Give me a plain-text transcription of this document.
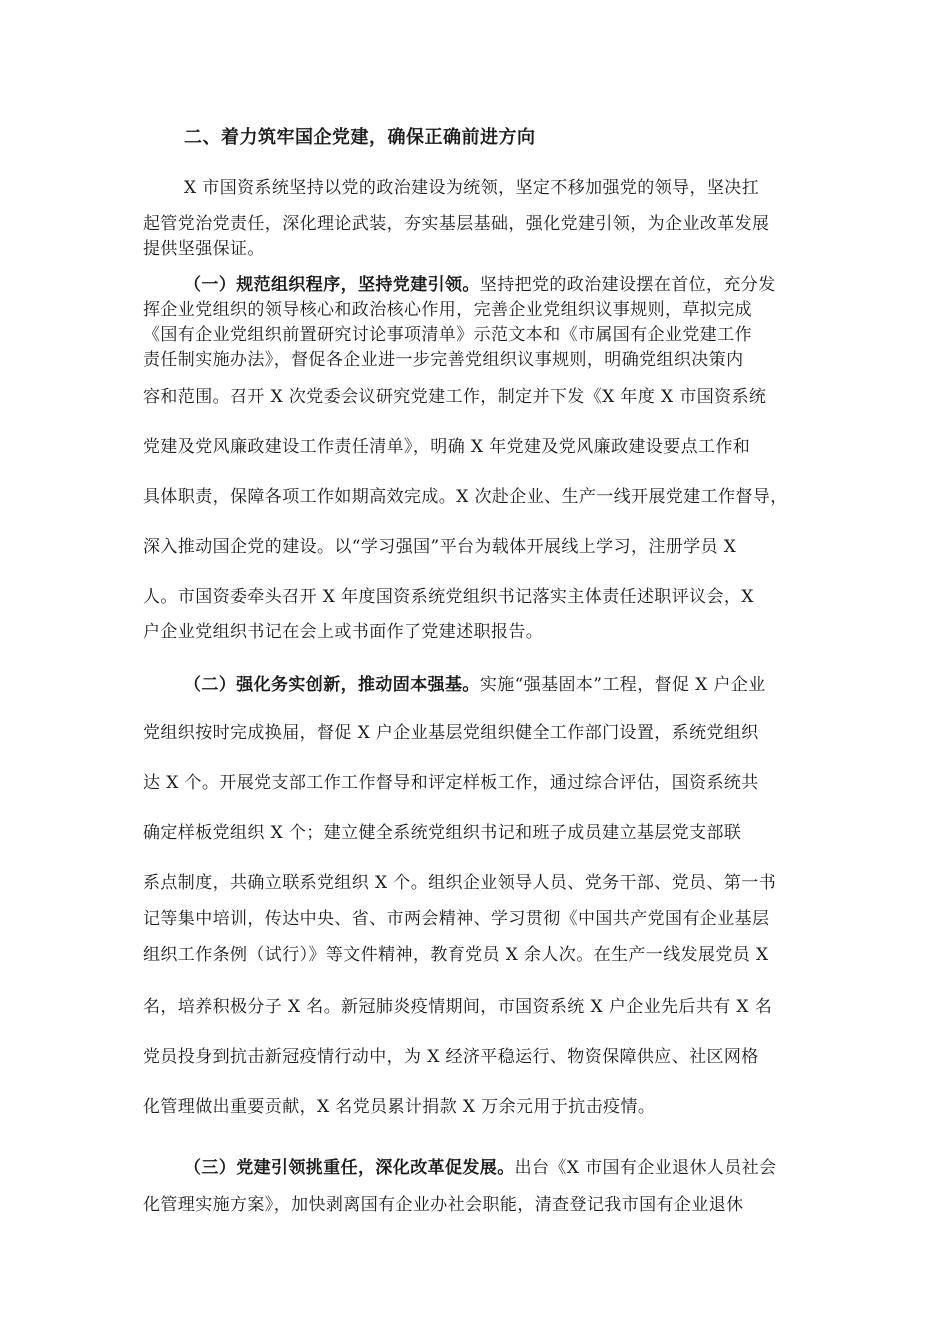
二、着力筑牢国企党建，确保正确前进方向
X 市国资系统坚持以党的政治建设为统领，坚定不移加强党的领导，坚决扛
起管党治党责任，深化理论武装，夯实基层基础，强化党建引领，为企业改革发展
提供坚强保证。
（一）规范组织程序，坚持党建引领。坚持把党的政治建设摆在首位，充分发
挥企业党组织的领导核心和政治核心作用，完善企业党组织议事规则，草拟完成
《国有企业党组织前置研究讨论事项清单》示范文本和《市属国有企业党建工作
责任制实施办法》，督促各企业进一步完善党组织议事规则，明确党组织决策内
容和范围。召开 X 次党委会议研究党建工作，制定并下发《X 年度 X 市国资系统
党建及党风廉政建设工作责任清单》，明确 X 年党建及党风廉政建设要点工作和
具体职责，保障各项工作如期高效完成。X 次赴企业、生产一线开展党建工作督导，
深入推动国企党的建设。以“学习强国”平台为载体开展线上学习，注册学员 X
人。市国资委牵头召开 X 年度国资系统党组织书记落实主体责任述职评议会，X
户企业党组织书记在会上或书面作了党建述职报告。
（二）强化务实创新，推动固本强基。实施“强基固本”工程，督促 X 户企业
党组织按时完成换届，督促 X 户企业基层党组织健全工作部门设置，系统党组织
达 X 个。开展党支部工作工作督导和评定样板工作，通过综合评估，国资系统共
确定样板党组织 X 个；建立健全系统党组织书记和班子成员建立基层党支部联
系点制度，共确立联系党组织 X 个。组织企业领导人员、党务干部、党员、第一书
记等集中培训，传达中央、省、市两会精神、学习贯彻《中国共产党国有企业基层
组织工作条例（试行）》等文件精神，教育党员 X 余人次。在生产一线发展党员 X
名，培养积极分子 X 名。新冠肺炎疫情期间，市国资系统 X 户企业先后共有 X 名
党员投身到抗击新冠疫情行动中，为 X 经济平稳运行、物资保障供应、社区网格
化管理做出重要贡献，X 名党员累计捐款 X 万余元用于抗击疫情。
（三）党建引领挑重任，深化改革促发展。出台《X 市国有企业退休人员社会
化管理实施方案》，加快剥离国有企业办社会职能，清查登记我市国有企业退休
